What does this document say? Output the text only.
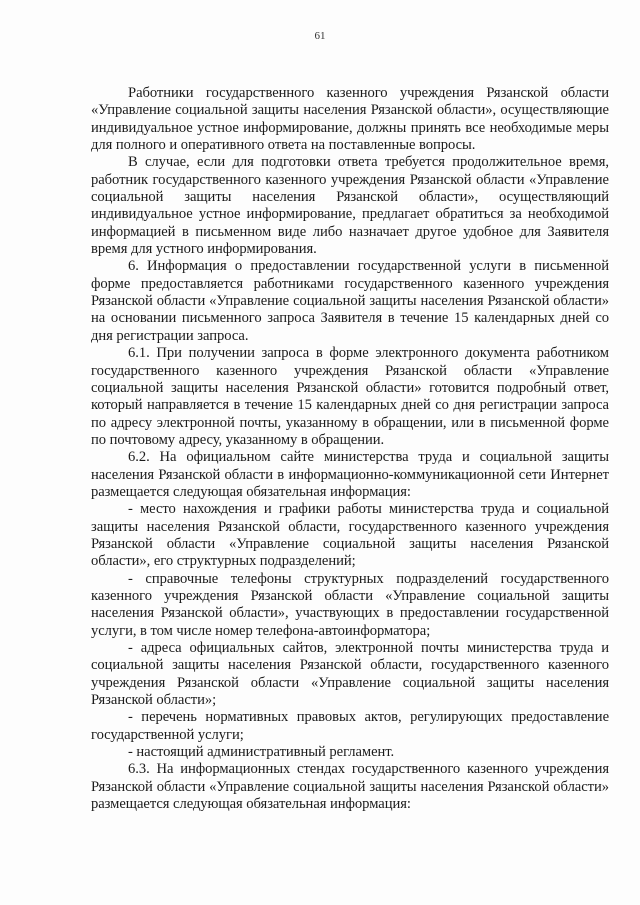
61

Работники государственного казенного учреждения Рязанской области «Управление социальной защиты населения Рязанской области», осуществляющие индивидуальное устное информирование, должны принять все необходимые меры для полного и оперативного ответа на поставленные вопросы.

В случае, если для подготовки ответа требуется продолжительное время, работник государственного казенного учреждения Рязанской области «Управление социальной защиты населения Рязанской области», осуществляющий индивидуальное устное информирование, предлагает обратиться за необходимой информацией в письменном виде либо назначает другое удобное для Заявителя время для устного информирования.

6. Информация о предоставлении государственной услуги в письменной форме предоставляется работниками государственного казенного учреждения Рязанской области «Управление социальной защиты населения Рязанской области» на основании письменного запроса Заявителя в течение 15 календарных дней со дня регистрации запроса.

6.1. При получении запроса в форме электронного документа работником государственного казенного учреждения Рязанской области «Управление социальной защиты населения Рязанской области» готовится подробный ответ, который направляется в течение 15 календарных дней со дня регистрации запроса по адресу электронной почты, указанному в обращении, или в письменной форме по почтовому адресу, указанному в обращении.

6.2. На официальном сайте министерства труда и социальной защиты населения Рязанской области в информационно-коммуникационной сети Интернет размещается следующая обязательная информация:

- место нахождения и графики работы министерства труда и социальной защиты населения Рязанской области, государственного казенного учреждения Рязанской области «Управление социальной защиты населения Рязанской области», его структурных подразделений;

- справочные телефоны структурных подразделений государственного казенного учреждения Рязанской области «Управление социальной защиты населения Рязанской области», участвующих в предоставлении государственной услуги, в том числе номер телефона-автоинформатора;

- адреса официальных сайтов, электронной почты министерства труда и социальной защиты населения Рязанской области, государственного казенного учреждения Рязанской области «Управление социальной защиты населения Рязанской области»;

- перечень нормативных правовых актов, регулирующих предоставление государственной услуги;

- настоящий административный регламент.

6.3. На информационных стендах государственного казенного учреждения Рязанской области «Управление социальной защиты населения Рязанской области» размещается следующая обязательная информация:
